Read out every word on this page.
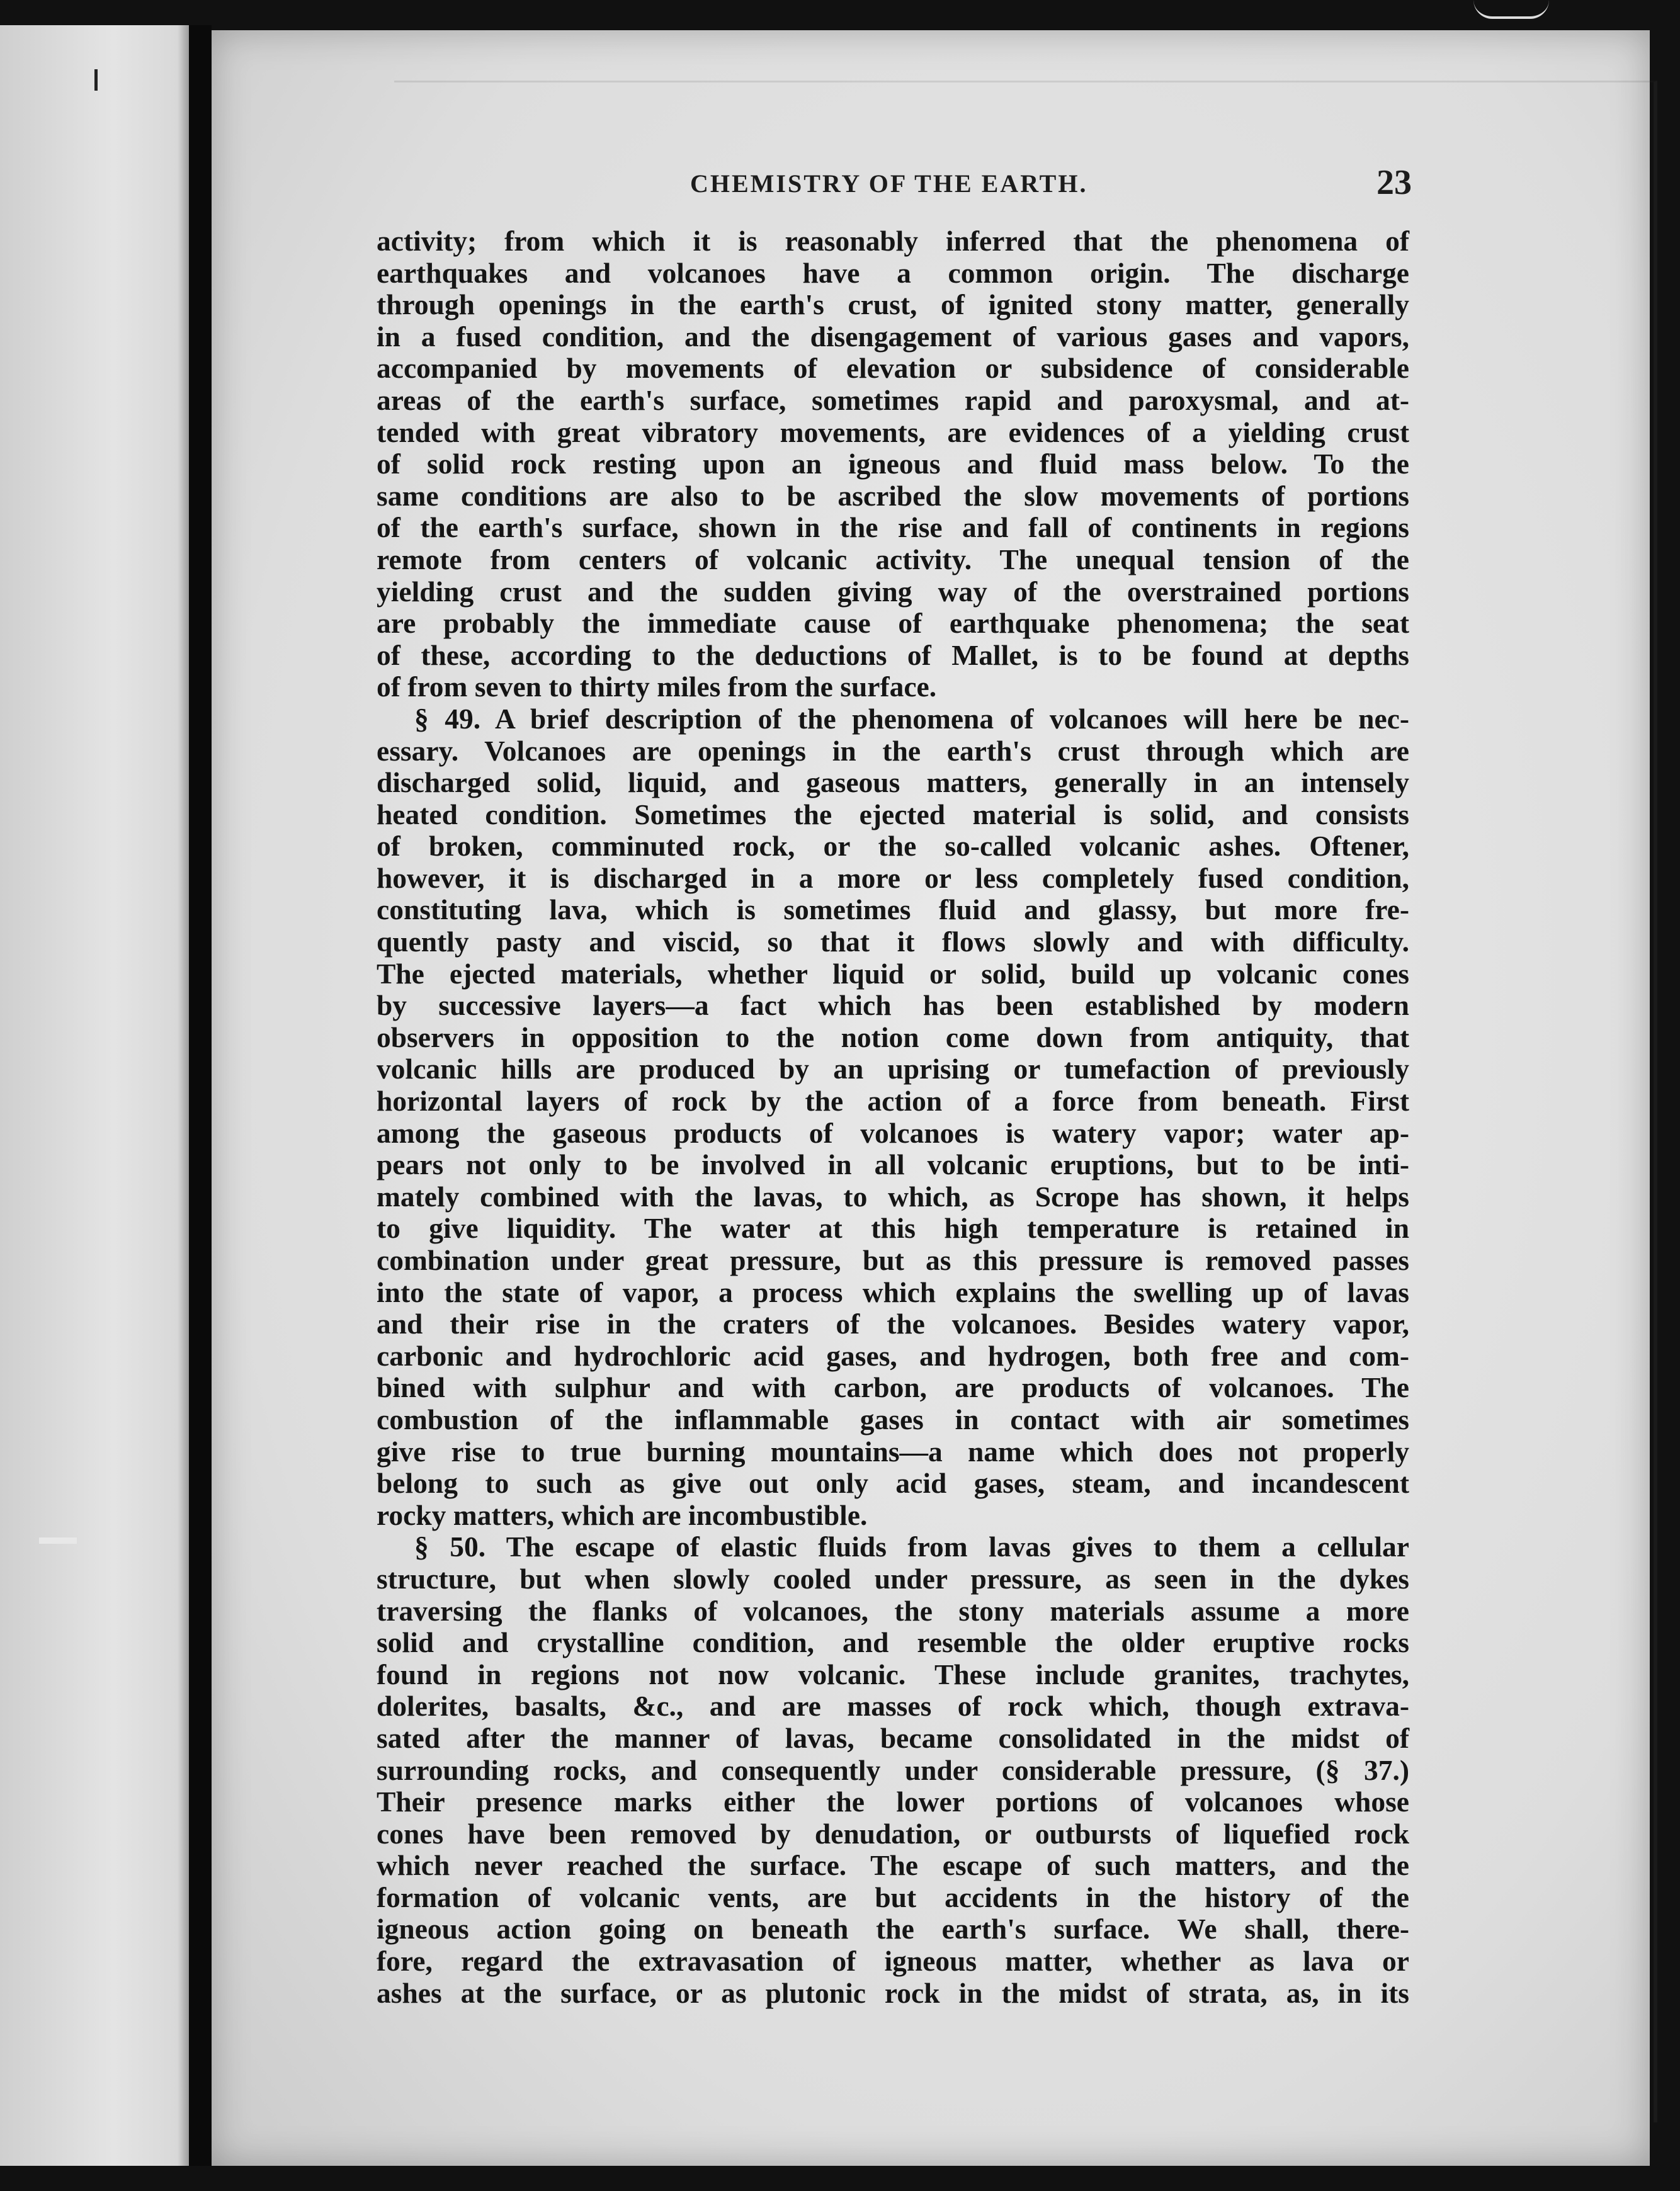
CHEMISTRY OF THE EARTH.	23
activity; from which it is reasonably inferred that the phenomena of
earthquakes and volcanoes have a common origin. The discharge
through openings in the earth's crust, of ignited stony matter, generally
in a fused condition, and the disengagement of various gases and vapors,
accompanied by movements of elevation or subsidence of considerable
areas of the earth's surface, sometimes rapid and paroxysmal, and at-
tended with great vibratory movements, are evidences of a yielding crust
of solid rock resting upon an igneous and fluid mass below. To the
same conditions are also to be ascribed the slow movements of portions
of the earth's surface, shown in the rise and fall of continents in regions
remote from centers of volcanic activity. The unequal tension of the
yielding crust and the sudden giving way of the overstrained portions
are probably the immediate cause of earthquake phenomena; the seat
of these, according to the deductions of Mallet, is to be found at depths
of from seven to thirty miles from the surface.
§ 49. A brief description of the phenomena of volcanoes will here be nec-
essary. Volcanoes are openings in the earth's crust through which are
discharged solid, liquid, and gaseous matters, generally in an intensely
heated condition. Sometimes the ejected material is solid, and consists
of broken, comminuted rock, or the so-called volcanic ashes. Oftener,
however, it is discharged in a more or less completely fused condition,
constituting lava, which is sometimes fluid and glassy, but more fre-
quently pasty and viscid, so that it flows slowly and with difficulty.
The ejected materials, whether liquid or solid, build up volcanic cones
by successive layers—a fact which has been established by modern
observers in opposition to the notion come down from antiquity, that
volcanic hills are produced by an uprising or tumefaction of previously
horizontal layers of rock by the action of a force from beneath. First
among the gaseous products of volcanoes is watery vapor; water ap-
pears not only to be involved in all volcanic eruptions, but to be inti-
mately combined with the lavas, to which, as Scrope has shown, it helps
to give liquidity. The water at this high temperature is retained in
combination under great pressure, but as this pressure is removed passes
into the state of vapor, a process which explains the swelling up of lavas
and their rise in the craters of the volcanoes. Besides watery vapor,
carbonic and hydrochloric acid gases, and hydrogen, both free and com-
bined with sulphur and with carbon, are products of volcanoes. The
combustion of the inflammable gases in contact with air sometimes
give rise to true burning mountains—a name which does not properly
belong to such as give out only acid gases, steam, and incandescent
rocky matters, which are incombustible.
§ 50. The escape of elastic fluids from lavas gives to them a cellular
structure, but when slowly cooled under pressure, as seen in the dykes
traversing the flanks of volcanoes, the stony materials assume a more
solid and crystalline condition, and resemble the older eruptive rocks
found in regions not now volcanic. These include granites, trachytes,
dolerites, basalts, &c., and are masses of rock which, though extrava-
sated after the manner of lavas, became consolidated in the midst of
surrounding rocks, and consequently under considerable pressure, (§ 37.)
Their presence marks either the lower portions of volcanoes whose
cones have been removed by denudation, or outbursts of liquefied rock
which never reached the surface. The escape of such matters, and the
formation of volcanic vents, are but accidents in the history of the
igneous action going on beneath the earth's surface. We shall, there-
fore, regard the extravasation of igneous matter, whether as lava or
ashes at the surface, or as plutonic rock in the midst of strata, as, in its
